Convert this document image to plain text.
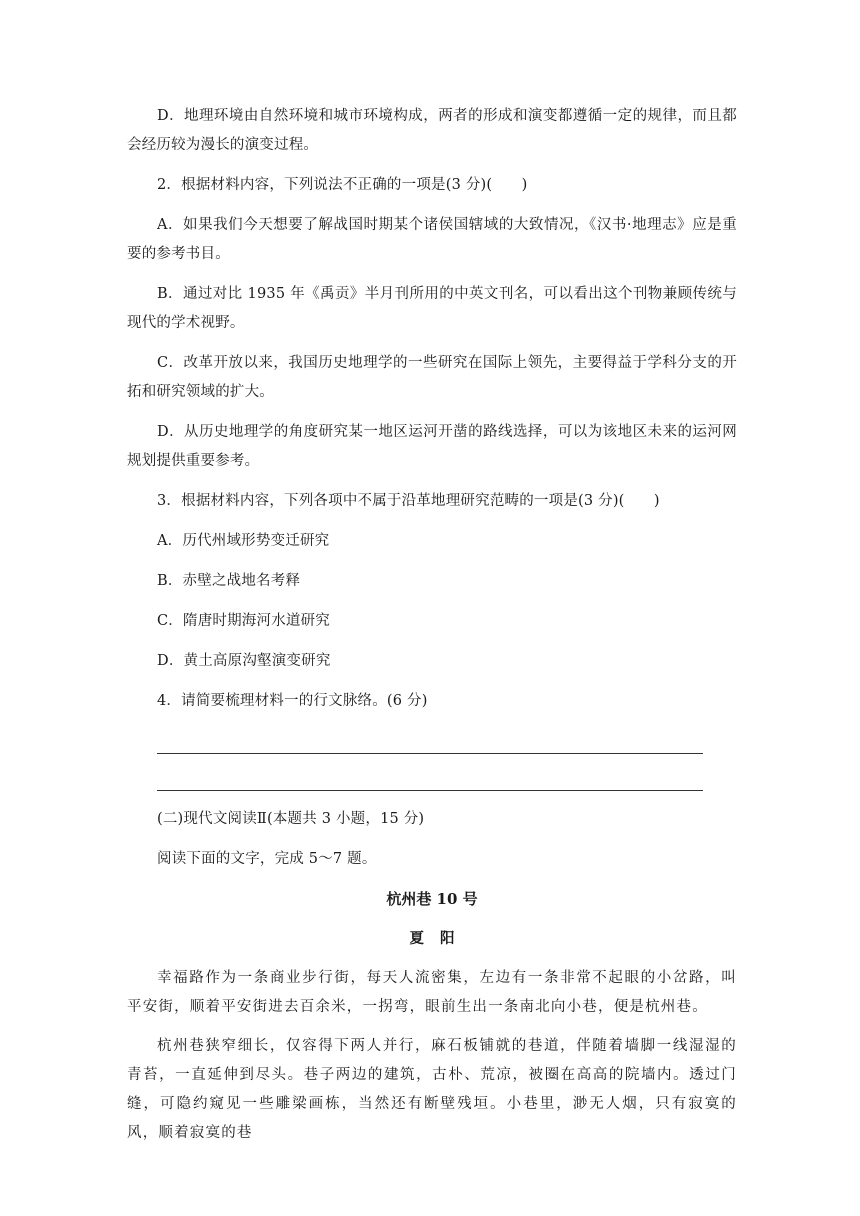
D．地理环境由自然环境和城市环境构成，两者的形成和演变都遵循一定的规律，而且都会经历较为漫长的演变过程。

2．根据材料内容，下列说法不正确的一项是(3 分)(　　)

A．如果我们今天想要了解战国时期某个诸侯国辖域的大致情况，《汉书·地理志》应是重要的参考书目。

B．通过对比 1935 年《禹贡》半月刊所用的中英文刊名，可以看出这个刊物兼顾传统与现代的学术视野。

C．改革开放以来，我国历史地理学的一些研究在国际上领先，主要得益于学科分支的开拓和研究领域的扩大。

D．从历史地理学的角度研究某一地区运河开凿的路线选择，可以为该地区未来的运河网规划提供重要参考。

3．根据材料内容，下列各项中不属于沿革地理研究范畴的一项是(3 分)(　　)

A．历代州域形势变迁研究

B．赤壁之战地名考释

C．隋唐时期海河水道研究

D．黄土高原沟壑演变研究

4．请简要梳理材料一的行文脉络。(6 分)

(二)现代文阅读Ⅱ(本题共 3 小题，15 分)

阅读下面的文字，完成 5～7 题。

杭州巷 10 号
夏阳

幸福路作为一条商业步行街，每天人流密集，左边有一条非常不起眼的小岔路，叫平安街，顺着平安街进去百余米，一拐弯，眼前生出一条南北向小巷，便是杭州巷。

杭州巷狭窄细长，仅容得下两人并行，麻石板铺就的巷道，伴随着墙脚一线湿湿的青苔，一直延伸到尽头。巷子两边的建筑，古朴、荒凉，被圈在高高的院墙内。透过门缝，可隐约窥见一些雕梁画栋，当然还有断壁残垣。小巷里，渺无人烟，只有寂寞的风，顺着寂寞的巷
